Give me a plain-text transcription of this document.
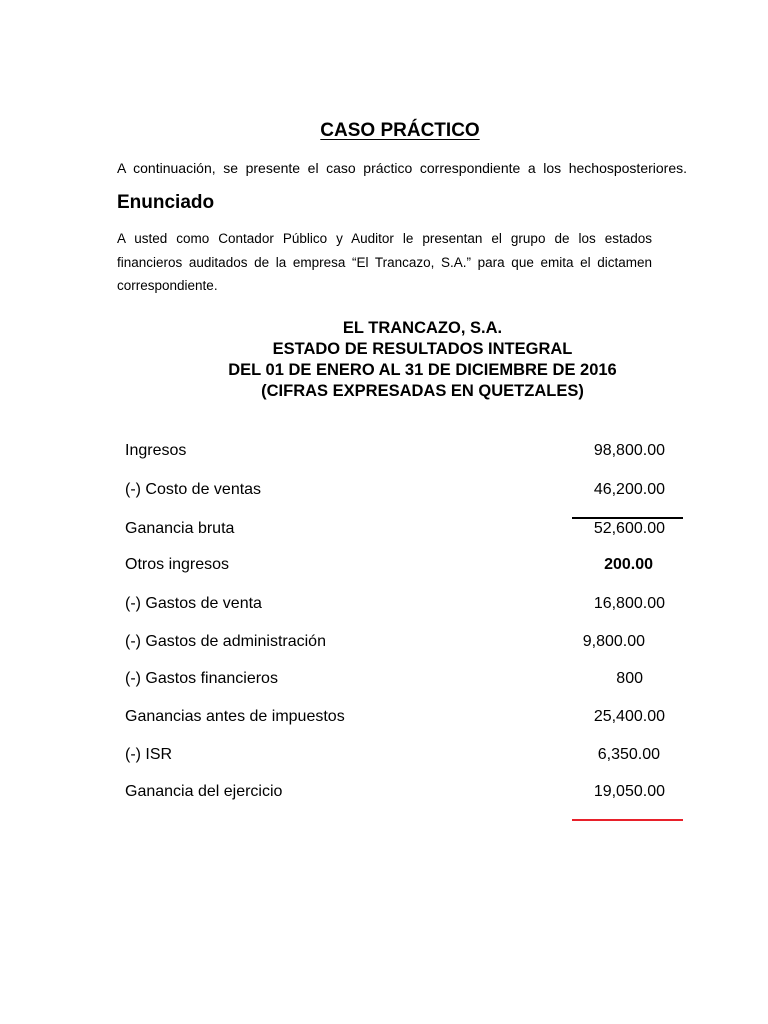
CASO PRÁCTICO
A continuación, se presente el caso práctico correspondiente a los hechosposteriores.
Enunciado
A usted como Contador Público y Auditor le presentan el grupo de los estados financieros auditados de la empresa “El Trancazo, S.A.” para que emita el dictamen correspondiente.
EL TRANCAZO, S.A.
ESTADO DE RESULTADOS INTEGRAL
DEL 01 DE ENERO AL 31 DE DICIEMBRE DE 2016
(CIFRAS EXPRESADAS EN QUETZALES)
Ingresos	98,800.00
(-) Costo de ventas	46,200.00
Ganancia bruta	52,600.00
Otros ingresos	200.00
(-) Gastos de venta	16,800.00
(-) Gastos de administración	9,800.00
(-) Gastos financieros	800
Ganancias antes de impuestos	25,400.00
(-) ISR	6,350.00
Ganancia del ejercicio	19,050.00
